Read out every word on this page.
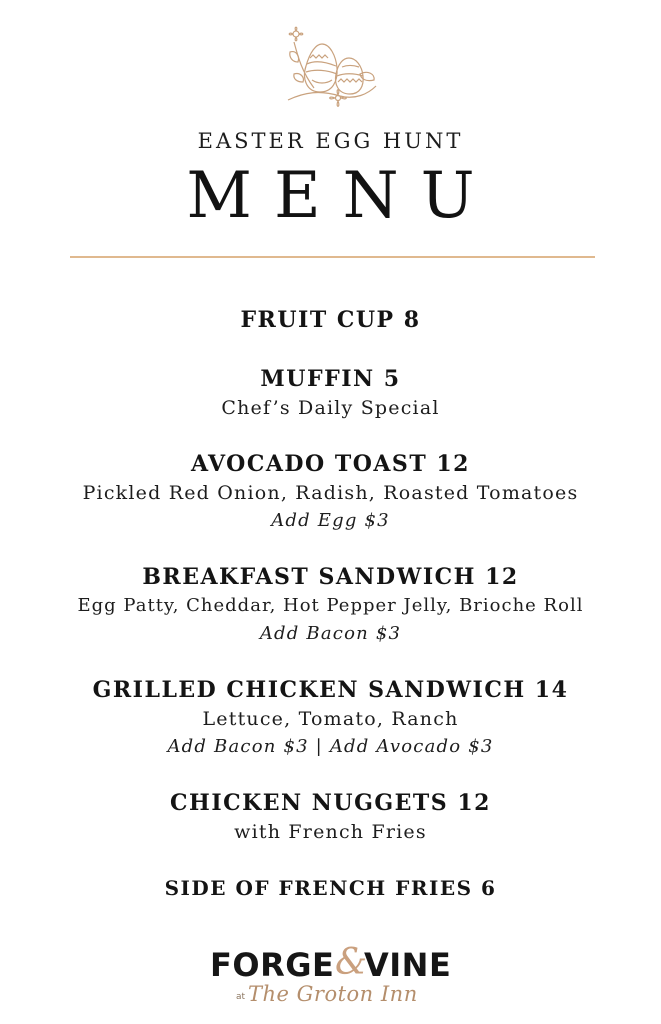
EASTER EGG HUNT
MENU
FRUIT CUP 8
MUFFIN 5
Chef’s Daily Special
AVOCADO TOAST 12
Pickled Red Onion, Radish, Roasted Tomatoes
Add Egg $3
BREAKFAST SANDWICH 12
Egg Patty, Cheddar, Hot Pepper Jelly, Brioche Roll
Add Bacon $3
GRILLED CHICKEN SANDWICH 14
Lettuce, Tomato, Ranch
Add Bacon $3 | Add Avocado $3
CHICKEN NUGGETS 12
with French Fries
SIDE OF FRENCH FRIES 6
FORGE &
VINE
at The Groton Inn
